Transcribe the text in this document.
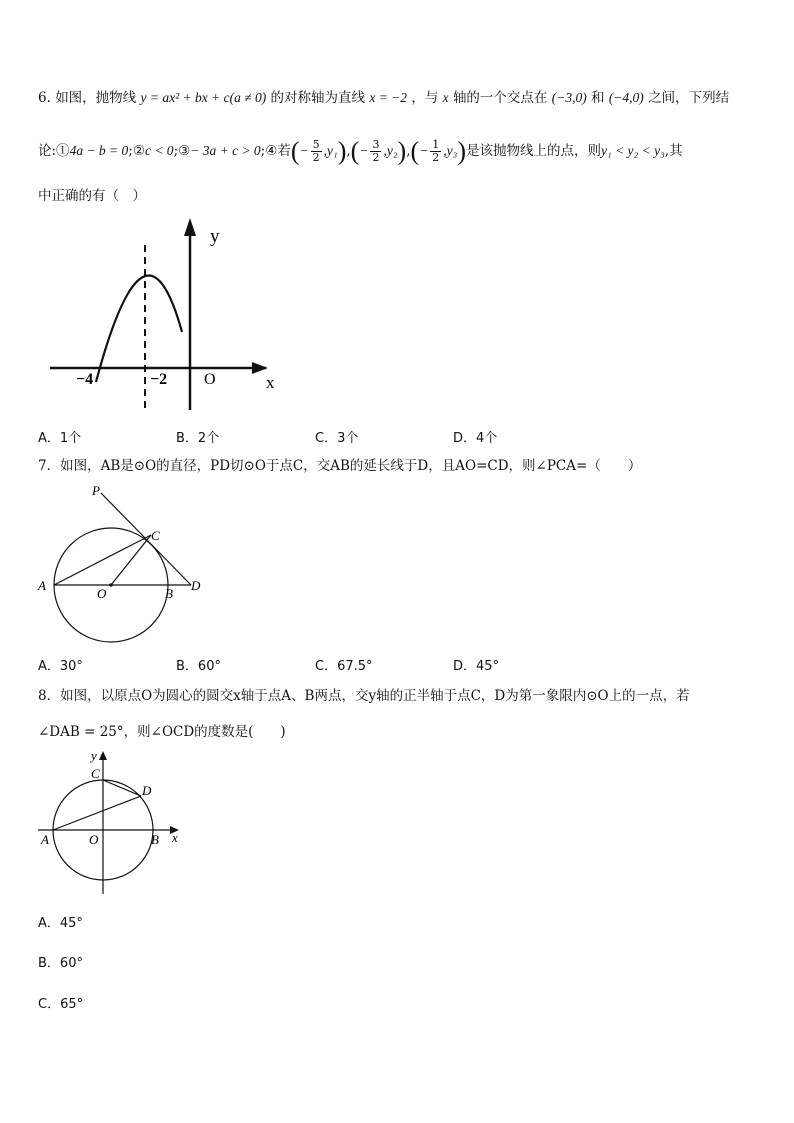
6. 如图，抛物线 y = ax² + bx + c(a ≠ 0) 的对称轴为直线 x = −2 ，与 x 轴的一个交点在 (−3,0) 和 (−4,0) 之间，下列结
论:①4a − b = 0;②c < 0;③− 3a + c > 0;④若(− $\frac{5}{2} ,y_1),(- \frac{3}{2} ,y_2),(- \frac{1}{2} ,y_3)$是该抛物线上的点，则y₁ < y₂ < y₃,其
中正确的有（　）
y
x
O
−4	−2
A．1个	B．2个	C．3个	D．4个
7．如图，AB是⊙O的直径，PD切⊙O于点C，交AB的延长线于D，且AO=CD，则∠PCA=（　　）
P
C
A
O	B
D
A．30°	B．60°	C．67.5°	D．45°
8．如图，以原点O为圆心的圆交x轴于点A、B两点，交y轴的正半轴于点C，D为第一象限内⊙O上的一点，若
∠DAB = 25°，则∠OCD的度数是(　　)
y
x
C
D
A	O	B
A．45°
B．60°
C．65°
